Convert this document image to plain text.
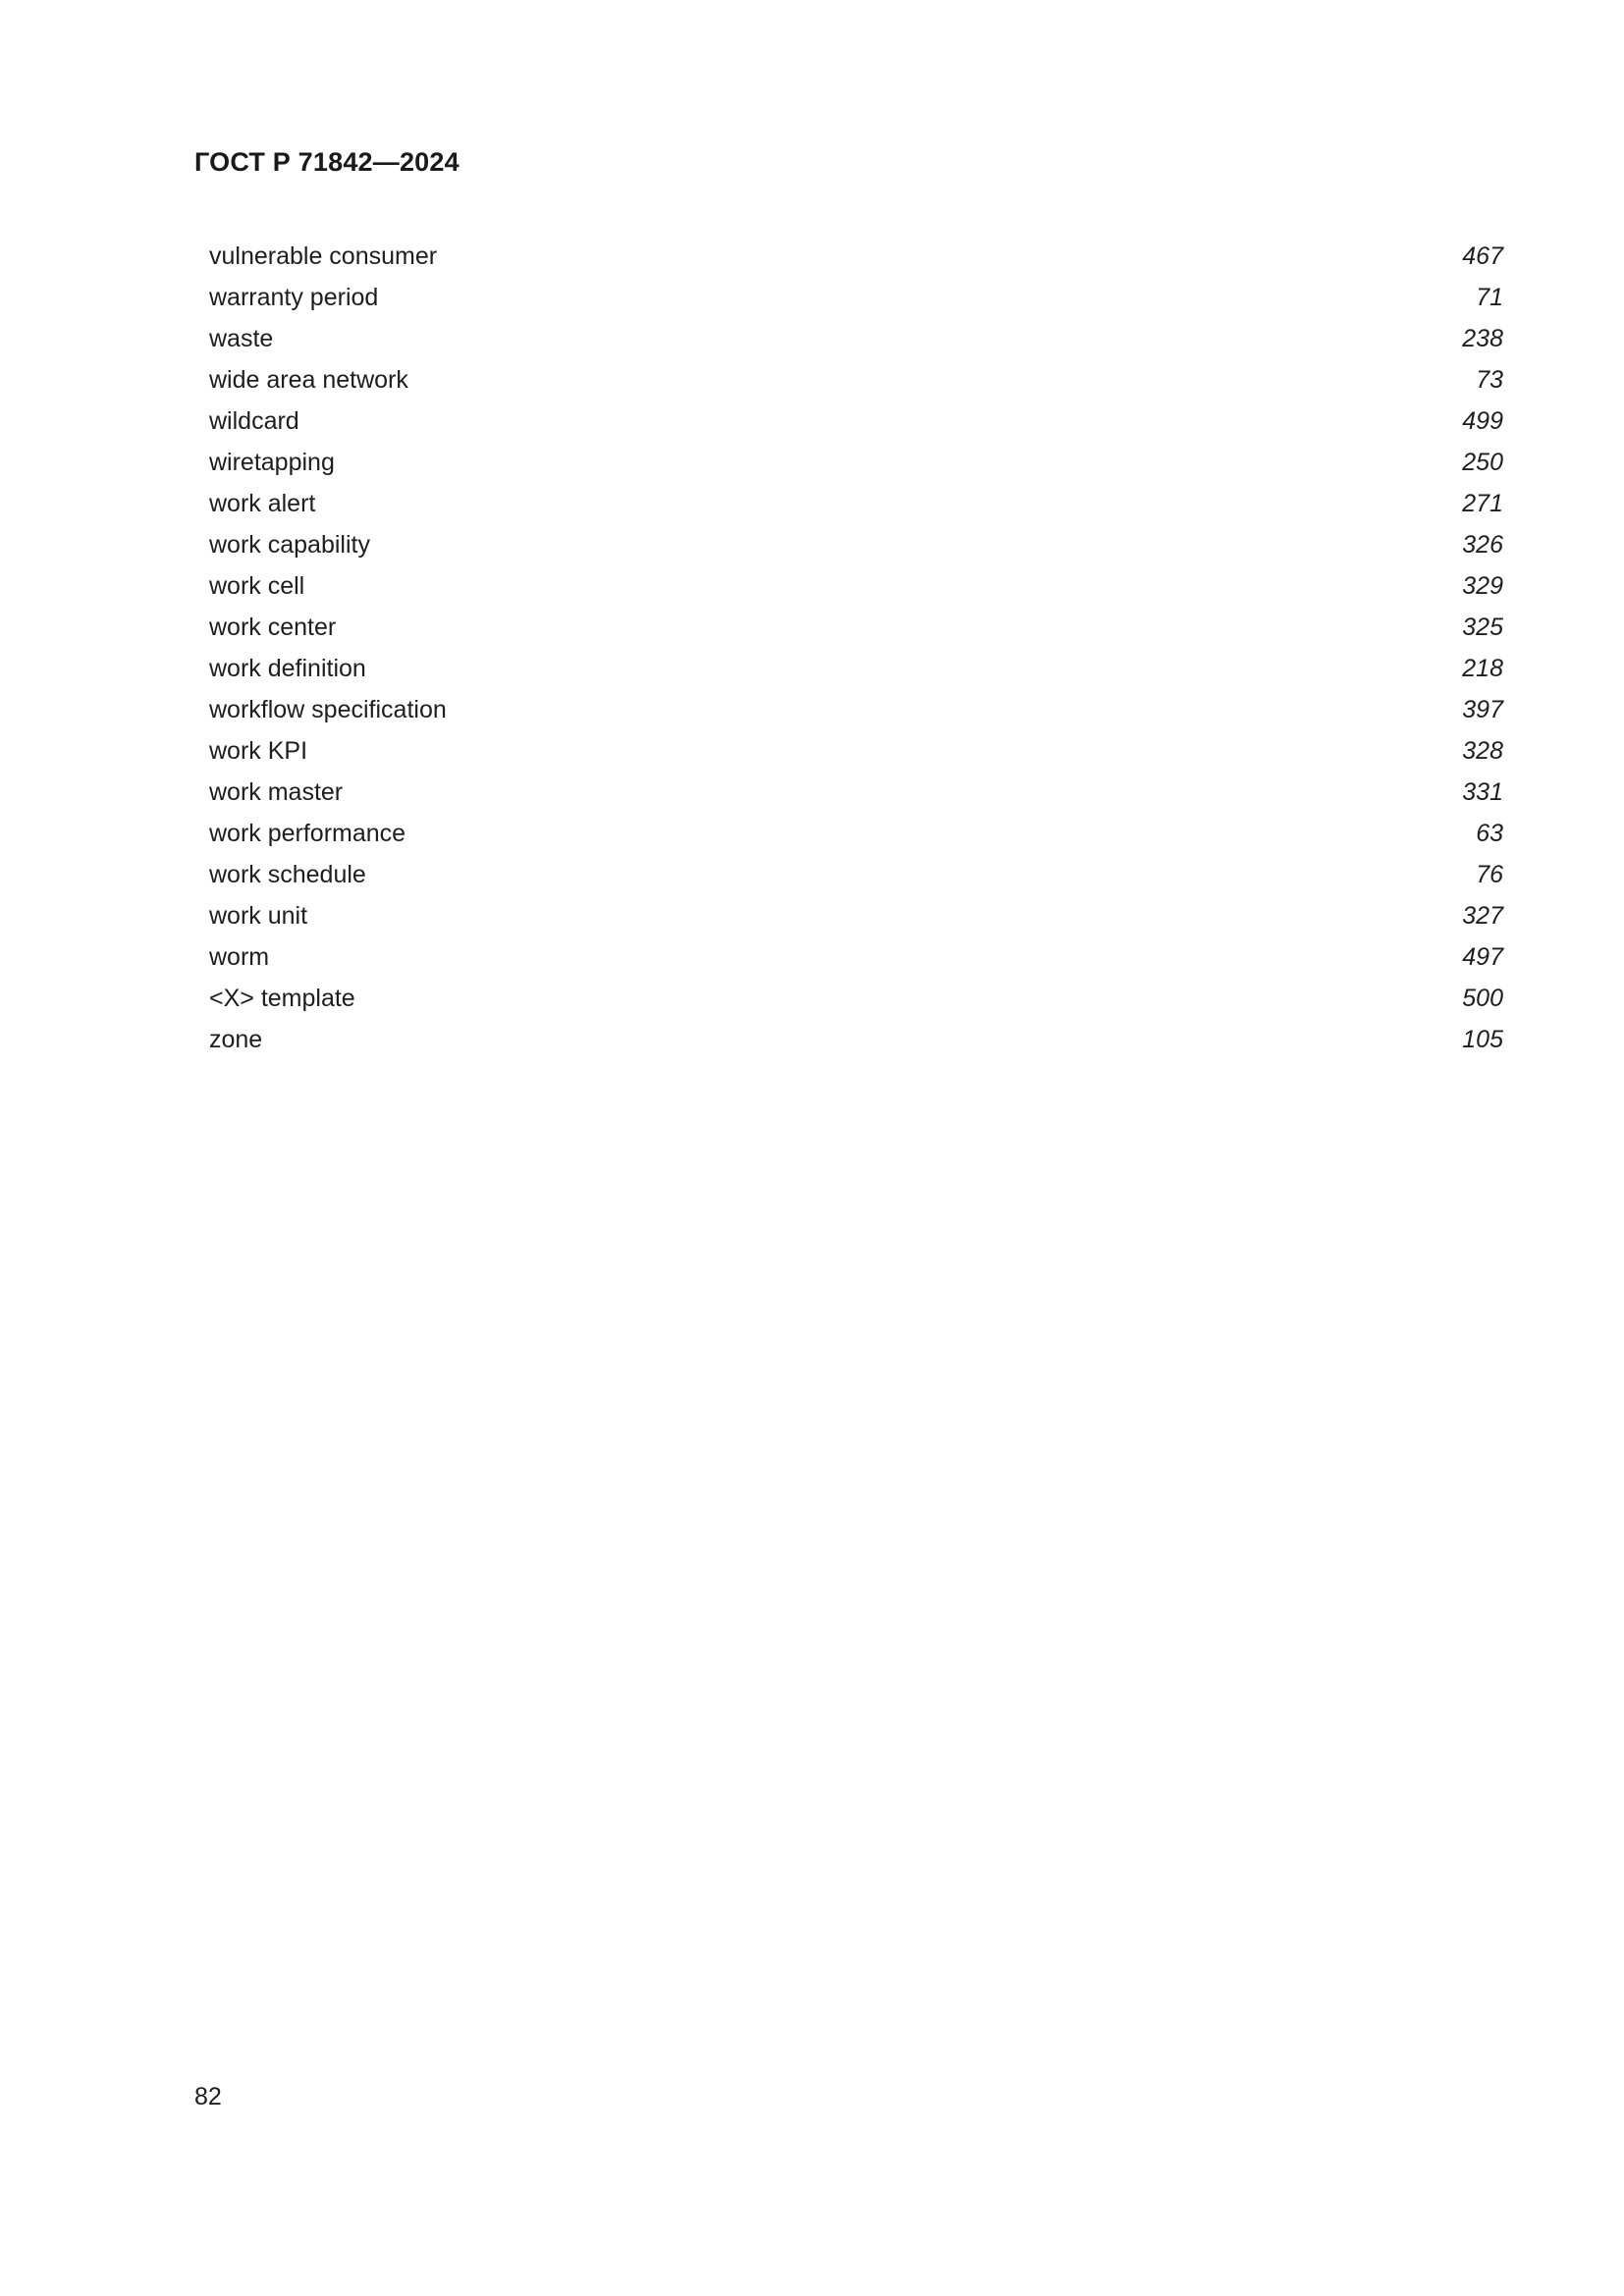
ГОСТ Р 71842—2024
vulnerable consumer	467
warranty period	71
waste	238
wide area network	73
wildcard	499
wiretapping	250
work alert	271
work capability	326
work cell	329
work center	325
work definition	218
workflow specification	397
work KPI	328
work master	331
work performance	63
work schedule	76
work unit	327
worm	497
<X> template	500
zone	105
82
